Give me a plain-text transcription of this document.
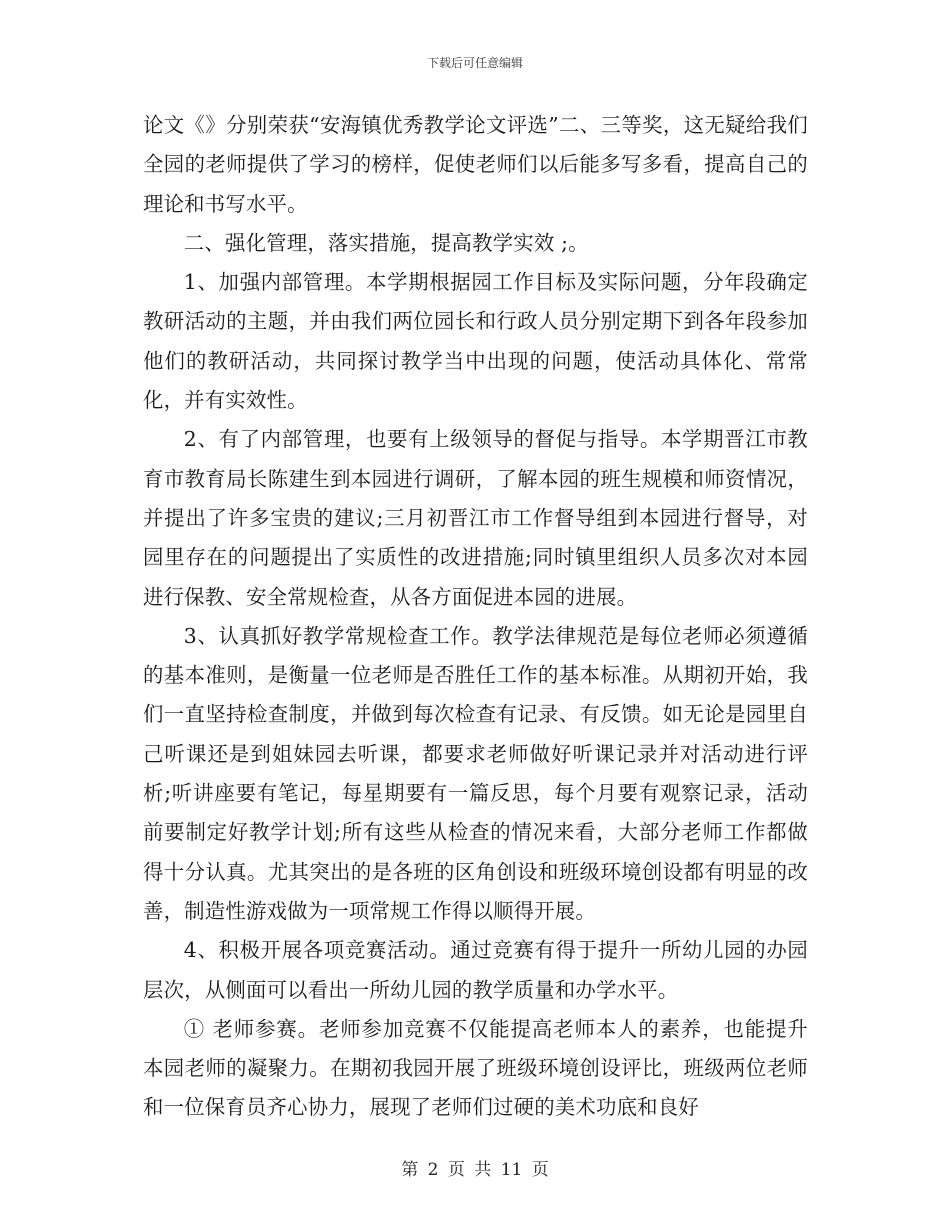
下载后可任意编辑

论文《》分别荣获“安海镇优秀教学论文评选”二、三等奖，这无疑给我们全园的老师提供了学习的榜样，促使老师们以后能多写多看，提高自己的理论和书写水平。

二、强化管理，落实措施，提高教学实效 ;。

1、加强内部管理。本学期根据园工作目标及实际问题，分年段确定教研活动的主题，并由我们两位园长和行政人员分别定期下到各年段参加他们的教研活动，共同探讨教学当中出现的问题，使活动具体化、常常化，并有实效性。

2、有了内部管理，也要有上级领导的督促与指导。本学期晋江市教育市教育局长陈建生到本园进行调研，了解本园的班生规模和师资情况，并提出了许多宝贵的建议;三月初晋江市工作督导组到本园进行督导，对园里存在的问题提出了实质性的改进措施;同时镇里组织人员多次对本园进行保教、安全常规检查，从各方面促进本园的进展。

3、认真抓好教学常规检查工作。教学法律规范是每位老师必须遵循的基本准则，是衡量一位老师是否胜任工作的基本标准。从期初开始，我们一直坚持检查制度，并做到每次检查有记录、有反馈。如无论是园里自己听课还是到姐妹园去听课，都要求老师做好听课记录并对活动进行评析;听讲座要有笔记，每星期要有一篇反思，每个月要有观察记录，活动前要制定好教学计划;所有这些从检查的情况来看，大部分老师工作都做得十分认真。尤其突出的是各班的区角创设和班级环境创设都有明显的改善，制造性游戏做为一项常规工作得以顺得开展。

4、积极开展各项竞赛活动。通过竞赛有得于提升一所幼儿园的办园层次，从侧面可以看出一所幼儿园的教学质量和办学水平。

① 老师参赛。老师参加竞赛不仅能提高老师本人的素养，也能提升本园老师的凝聚力。在期初我园开展了班级环境创设评比，班级两位老师和一位保育员齐心协力，展现了老师们过硬的美术功底和良好

第 2 页 共 11 页
